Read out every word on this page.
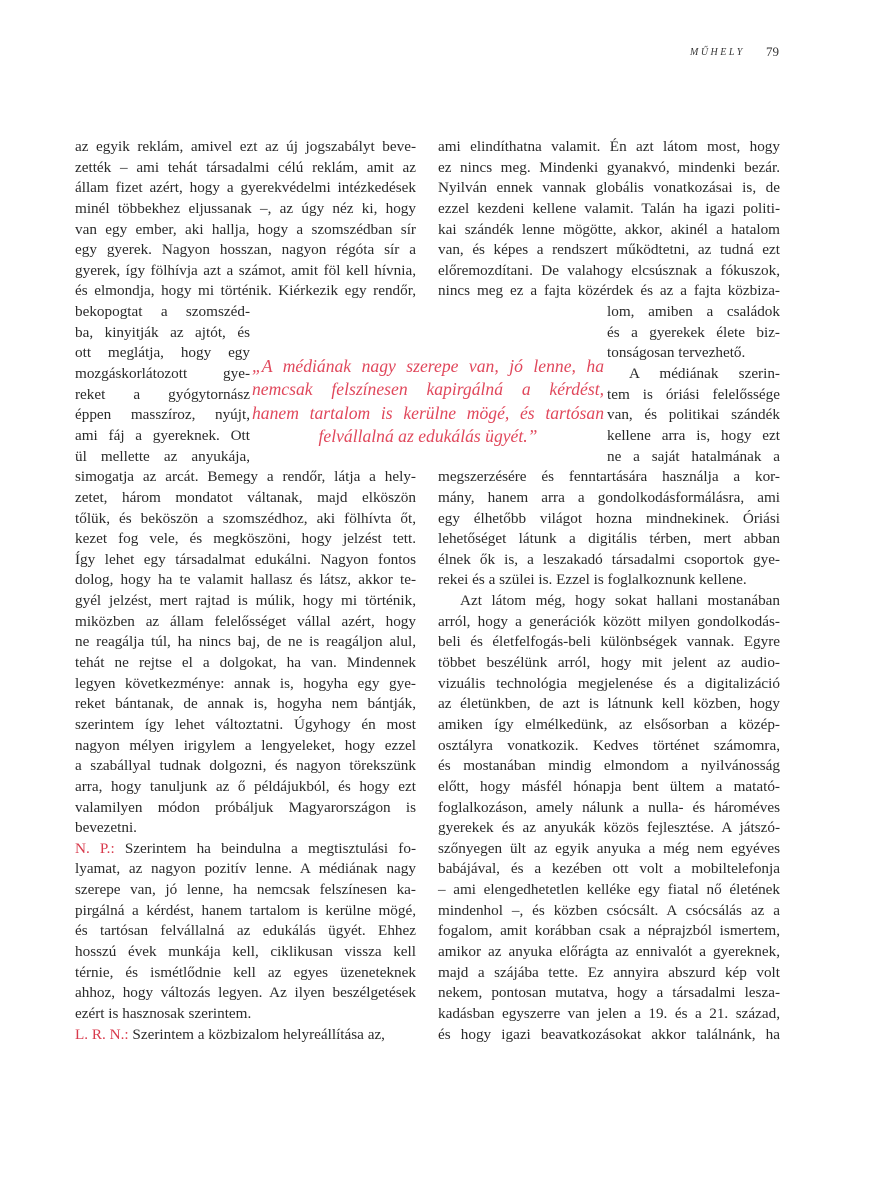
MŰHELY 79
az egyik reklám, amivel ezt az új jogszabályt beve-
zették – ami tehát társadalmi célú reklám, amit az
állam fizet azért, hogy a gyerekvédelmi intézkedések
minél többekhez eljussanak –, az úgy néz ki, hogy
van egy ember, aki hallja, hogy a szomszédban sír
egy gyerek. Nagyon hosszan, nagyon régóta sír a
gyerek, így fölhívja azt a számot, amit föl kell hívnia,
és elmondja, hogy mi történik. Kiérkezik egy rendőr,
bekopogtat a szomszéd-
ba, kinyitják az ajtót, és
ott meglátja, hogy egy
mozgáskorlátozott gye-
reket a gyógytornász
éppen masszíroz, nyújt,
ami fáj a gyereknek. Ott
ül mellette az anyukája,
simogatja az arcát. Bemegy a rendőr, látja a hely-
zetet, három mondatot váltanak, majd elköszön
tőlük, és beköszön a szomszédhoz, aki fölhívta őt,
kezet fog vele, és megköszöni, hogy jelzést tett.
Így lehet egy társadalmat edukálni. Nagyon fontos
dolog, hogy ha te valamit hallasz és látsz, akkor te-
gyél jelzést, mert rajtad is múlik, hogy mi történik,
miközben az állam felelősséget vállal azért, hogy
ne reagálja túl, ha nincs baj, de ne is reagáljon alul,
tehát ne rejtse el a dolgokat, ha van. Mindennek
legyen következménye: annak is, hogyha egy gye-
reket bántanak, de annak is, hogyha nem bántják,
szerintem így lehet változtatni. Úgyhogy én most
nagyon mélyen irigylem a lengyeleket, hogy ezzel
a szabállyal tudnak dolgozni, és nagyon törekszünk
arra, hogy tanuljunk az ő példájukból, és hogy ezt
valamilyen módon próbáljuk Magyarországon is
bevezetni.
N. P.: Szerintem ha beindulna a megtisztulási fo-
lyamat, az nagyon pozitív lenne. A médiának nagy
szerepe van, jó lenne, ha nemcsak felszínesen ka-
pirgálná a kérdést, hanem tartalom is kerülne mögé,
és tartósan felvállalná az edukálás ügyét. Ehhez
hosszú évek munkája kell, ciklikusan vissza kell
térnie, és ismétlődnie kell az egyes üzeneteknek
ahhoz, hogy változás legyen. Az ilyen beszélgetések
ezért is hasznosak szerintem.
L. R. N.: Szerintem a közbizalom helyreállítása az,
„A médiának nagy szerepe van, jó lenne, ha
nemcsak felszínesen kapirgálná a kérdést,
hanem tartalom is kerülne mögé, és tartósan
felvállalná az edukálás ügyét.”
ami elindíthatna valamit. Én azt látom most, hogy
ez nincs meg. Mindenki gyanakvó, mindenki bezár.
Nyilván ennek vannak globális vonatkozásai is, de
ezzel kezdeni kellene valamit. Talán ha igazi politi-
kai szándék lenne mögötte, akkor, akinél a hatalom
van, és képes a rendszert működtetni, az tudná ezt
előremozdítani. De valahogy elcsúsznak a fókuszok,
nincs meg ez a fajta közérdek és az a fajta közbiza-
lom, amiben a családok
és a gyerekek élete biz-
tonságosan tervezhető.
A médiának szerin-
tem is óriási felelőssége
van, és politikai szándék
kellene arra is, hogy ezt
ne a saját hatalmának a
megszerzésére és fenntartására használja a kor-
mány, hanem arra a gondolkodásformálásra, ami
egy élhetőbb világot hozna mindnekinek. Óriási
lehetőséget látunk a digitális térben, mert abban
élnek ők is, a leszakadó társadalmi csoportok gye-
rekei és a szülei is. Ezzel is foglalkoznunk kellene.
Azt látom még, hogy sokat hallani mostanában
arról, hogy a generációk között milyen gondolkodás-
beli és életfelfogás-beli különbségek vannak. Egyre
többet beszélünk arról, hogy mit jelent az audio-
vizuális technológia megjelenése és a digitalizáció
az életünkben, de azt is látnunk kell közben, hogy
amiken így elmélkedünk, az elsősorban a közép-
osztályra vonatkozik. Kedves történet számomra,
és mostanában mindig elmondom a nyilvánosság
előtt, hogy másfél hónapja bent ültem a matató-
foglalkozáson, amely nálunk a nulla- és hároméves
gyerekek és az anyukák közös fejlesztése. A játszó-
szőnyegen ült az egyik anyuka a még nem egyéves
babájával, és a kezében ott volt a mobiltelefonja
– ami elengedhetetlen kelléke egy fiatal nő életének
mindenhol –, és közben csócsált. A csócsálás az a
fogalom, amit korábban csak a néprajzból ismertem,
amikor az anyuka előrágta az ennivalót a gyereknek,
majd a szájába tette. Ez annyira abszurd kép volt
nekem, pontosan mutatva, hogy a társadalmi lesza-
kadásban egyszerre van jelen a 19. és a 21. század,
és hogy igazi beavatkozásokat akkor találnánk, ha
